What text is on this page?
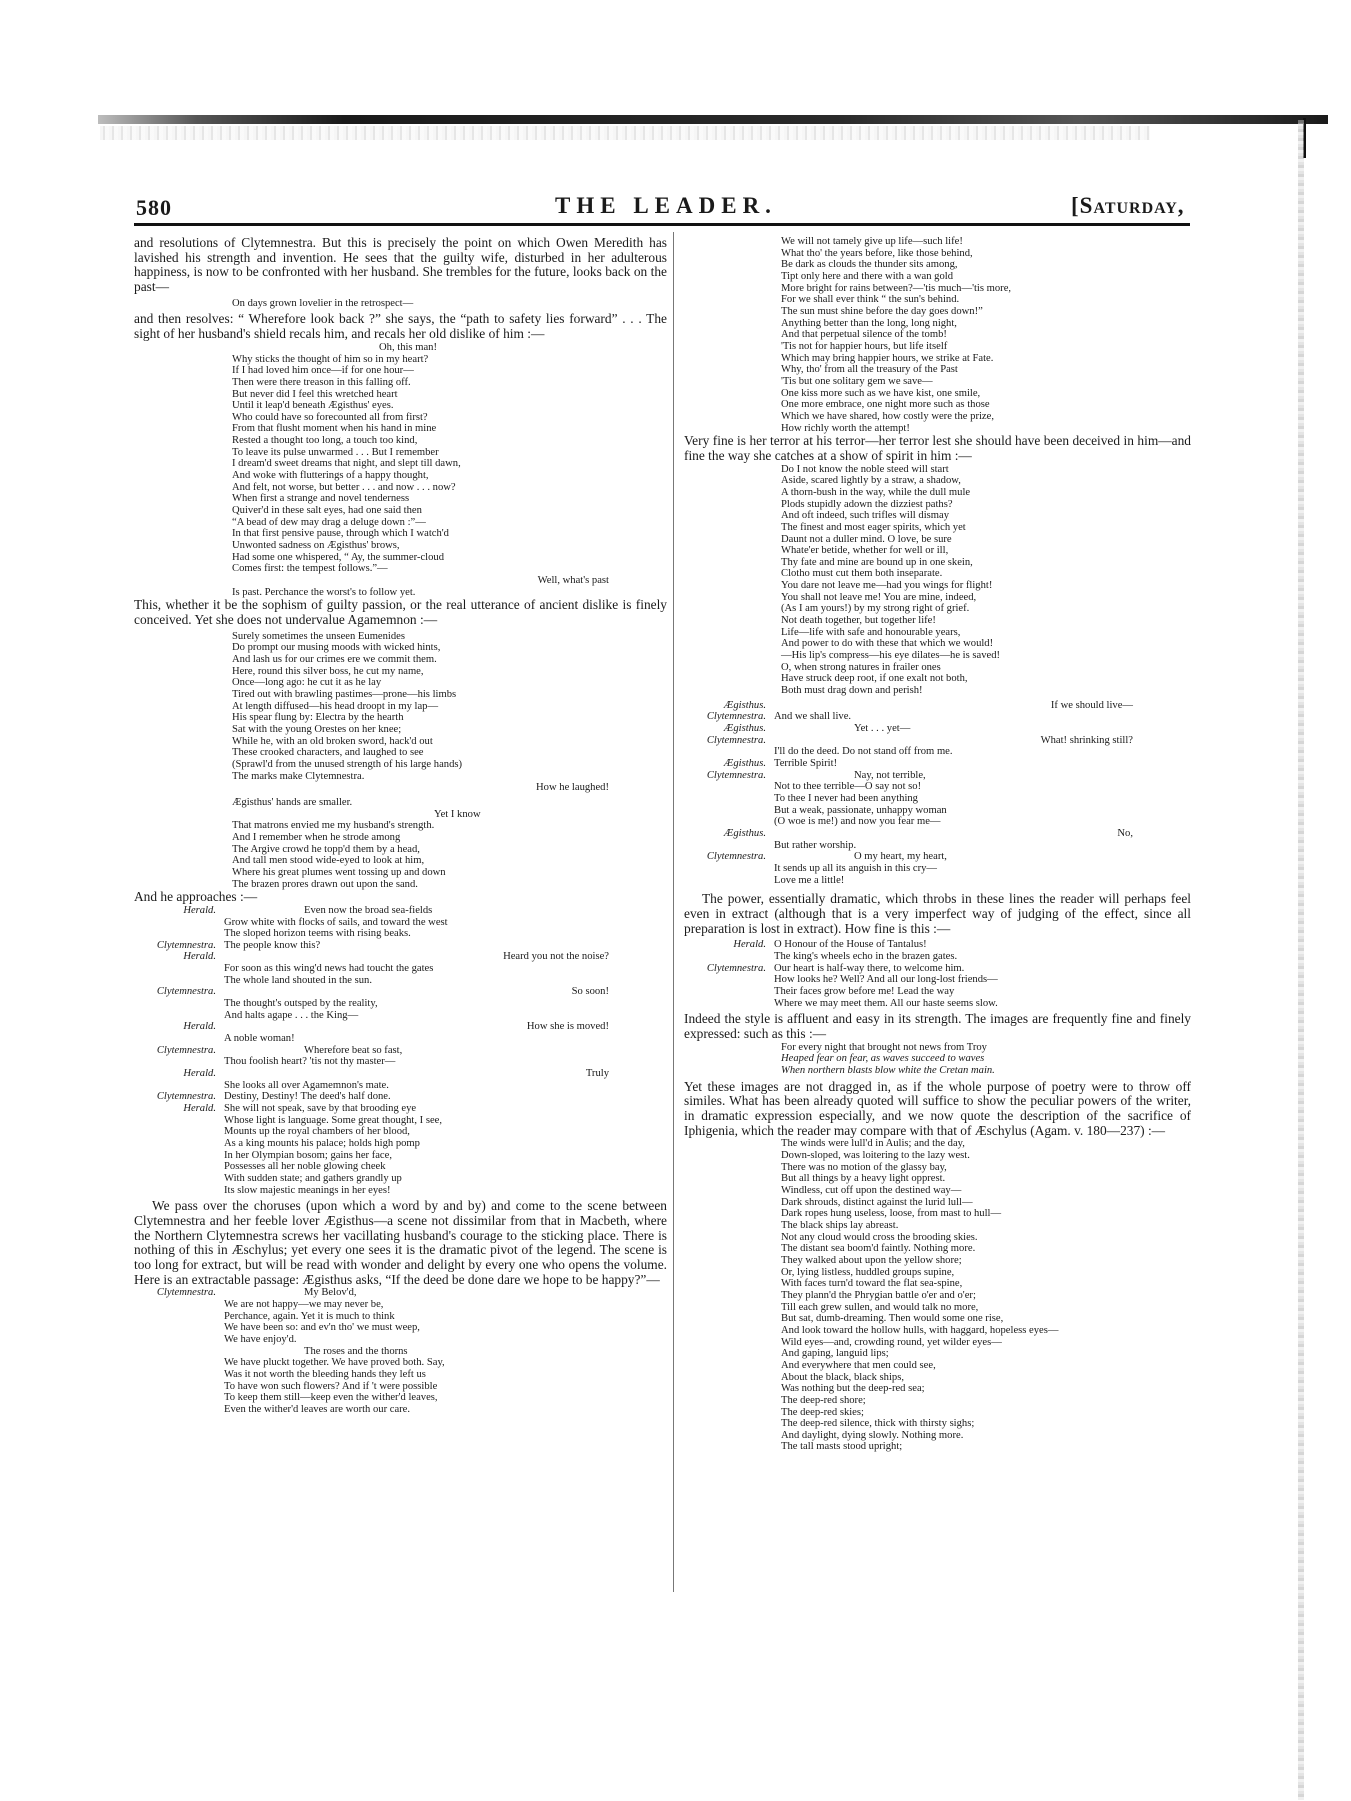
580	THE LEADER.	[Saturday,

and resolutions of Clytemnestra. But this is precisely the point on which Owen Meredith has lavished his strength and invention. He sees that the guilty wife, disturbed in her adulterous happiness, is now to be confronted with her husband. She trembles for the future, looks back on the past—

On days grown lovelier in the retrospect—

and then resolves: “ Wherefore look back ?” she says, the “path to safety lies forward” . . . The sight of her husband's shield recals him, and recals her old dislike of him :—

Oh, this man!
Why sticks the thought of him so in my heart?
If I had loved him once—if for one hour—
Then were there treason in this falling off.
But never did I feel this wretched heart
Until it leap'd beneath Ægisthus' eyes.
Who could have so forecounted all from first?
From that flusht moment when his hand in mine
Rested a thought too long, a touch too kind,
To leave its pulse unwarmed . . . But I remember
I dream'd sweet dreams that night, and slept till dawn,
And woke with flutterings of a happy thought,
And felt, not worse, but better . . . and now . . . now?
When first a strange and novel tenderness
Quiver'd in these salt eyes, had one said then
“A bead of dew may drag a deluge down :”—
In that first pensive pause, through which I watch'd
Unwonted sadness on Ægisthus' brows,
Had some one whispered, “ Ay, the summer-cloud
Comes first: the tempest follows.”—
Well, what's past
Is past. Perchance the worst's to follow yet.

This, whether it be the sophism of guilty passion, or the real utterance of ancient dislike is finely conceived. Yet she does not undervalue Agamemnon :—

Surely sometimes the unseen Eumenides
Do prompt our musing moods with wicked hints,
And lash us for our crimes ere we commit them.
Here, round this silver boss, he cut my name,
Once—long ago: he cut it as he lay
Tired out with brawling pastimes—prone—his limbs
At length diffused—his head droopt in my lap—
His spear flung by: Electra by the hearth
Sat with the young Orestes on her knee;
While he, with an old broken sword, hack'd out
These crooked characters, and laughed to see
(Sprawl'd from the unused strength of his large hands)
The marks make Clytemnestra.
How he laughed!
Ægisthus' hands are smaller.
Yet I know
That matrons envied me my husband's strength.
And I remember when he strode among
The Argive crowd he topp'd them by a head,
And tall men stood wide-eyed to look at him,
Where his great plumes went tossing up and down
The brazen prores drawn out upon the sand.

And he approaches :—

Herald.	Even now the broad sea-fields
Grow white with flocks of sails, and toward the west
The sloped horizon teems with rising beaks.
Clytemnestra. The people know this?
Herald.	Heard you not the noise?
For soon as this wing'd news had toucht the gates
The whole land shouted in the sun.
Clytemnestra.	So soon!
The thought's outsped by the reality,
And halts agape . . . the King—
Herald.	How she is moved!
A noble woman!
Clytemnestra.	Wherefore beat so fast,
Thou foolish heart? 'tis not thy master—
Herald.	Truly
She looks all over Agamemnon's mate.
Clytemnestra. Destiny, Destiny! The deed's half done.
Herald. She will not speak, save by that brooding eye
Whose light is language. Some great thought, I see,
Mounts up the royal chambers of her blood,
As a king mounts his palace; holds high pomp
In her Olympian bosom; gains her face,
Possesses all her noble glowing cheek
With sudden state; and gathers grandly up
Its slow majestic meanings in her eyes!

We pass over the choruses (upon which a word by and by) and come to the scene between Clytemnestra and her feeble lover Ægisthus—a scene not dissimilar from that in Macbeth, where the Northern Clytemnestra screws her vacillating husband's courage to the sticking place. There is nothing of this in Æschylus; yet every one sees it is the dramatic pivot of the legend. The scene is too long for extract, but will be read with wonder and delight by every one who opens the volume. Here is an extractable passage: Ægisthus asks, “If the deed be done dare we hope to be happy?”—

Clytemnestra.	My Belov'd,
We are not happy—we may never be,
Perchance, again. Yet it is much to think
We have been so: and ev'n tho' we must weep,
We have enjoy'd.
The roses and the thorns
We have pluckt together. We have proved both. Say,
Was it not worth the bleeding hands they left us
To have won such flowers? And if 't were possible
To keep them still—keep even the wither'd leaves,
Even the wither'd leaves are worth our care.
We will not tamely give up life—such life!
What tho' the years before, like those behind,
Be dark as clouds the thunder sits among,
Tipt only here and there with a wan gold
More bright for rains between?—'tis much—'tis more,
For we shall ever think “ the sun's behind.
The sun must shine before the day goes down!”
Anything better than the long, long night,
And that perpetual silence of the tomb!
'Tis not for happier hours, but life itself
Which may bring happier hours, we strike at Fate.
Why, tho' from all the treasury of the Past
'Tis but one solitary gem we save—
One kiss more such as we have kist, one smile,
One more embrace, one night more such as those
Which we have shared, how costly were the prize,
How richly worth the attempt!

Very fine is her terror at his terror—her terror lest she should have been deceived in him—and fine the way she catches at a show of spirit in him :—

Do I not know the noble steed will start
Aside, scared lightly by a straw, a shadow,
A thorn-bush in the way, while the dull mule
Plods stupidly adown the dizziest paths?
And oft indeed, such trifles will dismay
The finest and most eager spirits, which yet
Daunt not a duller mind. O love, be sure
Whate'er betide, whether for well or ill,
Thy fate and mine are bound up in one skein,
Clotho must cut them both inseparate.
You dare not leave me—had you wings for flight!
You shall not leave me! You are mine, indeed,
(As I am yours!) by my strong right of grief.
Not death together, but together life!
Life—life with safe and honourable years,
And power to do with these that which we would!
—His lip's compress—his eye dilates—he is saved!
O, when strong natures in frailer ones
Have struck deep root, if one exalt not both,
Both must drag down and perish!
Ægisthus.	If we should live—
Clytemnestra. And we shall live.
Ægisthus.	Yet . . . yet—
Clytemnestra.	What! shrinking still?
I'll do the deed. Do not stand off from me.
Ægisthus. Terrible Spirit!
Clytemnestra.	Nay, not terrible,
Not to thee terrible—O say not so!
To thee I never had been anything
But a weak, passionate, unhappy woman
(O woe is me!) and now you fear me—
Ægisthus.	No,
But rather worship.
Clytemnestra.	O my heart, my heart,
It sends up all its anguish in this cry—
Love me a little!

The power, essentially dramatic, which throbs in these lines the reader will perhaps feel even in extract (although that is a very imperfect way of judging of the effect, since all preparation is lost in extract). How fine is this :—

Herald. O Honour of the House of Tantalus!
The king's wheels echo in the brazen gates.
Clytemnestra. Our heart is half-way there, to welcome him.
How looks he? Well? And all our long-lost friends—
Their faces grow before me! Lead the way
Where we may meet them. All our haste seems slow.

Indeed the style is affluent and easy in its strength. The images are frequently fine and finely expressed: such as this :—

For every night that brought not news from Troy
Heaped fear on fear, as waves succeed to waves
When northern blasts blow white the Cretan main.

Yet these images are not dragged in, as if the whole purpose of poetry were to throw off similes. What has been already quoted will suffice to show the peculiar powers of the writer, in dramatic expression especially, and we now quote the description of the sacrifice of Iphigenia, which the reader may compare with that of Æschylus (Agam. v. 180—237) :—

The winds were lull'd in Aulis; and the day,
Down-sloped, was loitering to the lazy west.
There was no motion of the glassy bay,
But all things by a heavy light opprest.
Windless, cut off upon the destined way—
Dark shrouds, distinct against the lurid lull—
Dark ropes hung useless, loose, from mast to hull—
The black ships lay abreast.
Not any cloud would cross the brooding skies.
The distant sea boom'd faintly. Nothing more.
They walked about upon the yellow shore;
Or, lying listless, huddled groups supine,
With faces turn'd toward the flat sea-spine,
They plann'd the Phrygian battle o'er and o'er;
Till each grew sullen, and would talk no more,
But sat, dumb-dreaming. Then would some one rise,
And look toward the hollow hulls, with haggard, hopeless eyes—
Wild eyes—and, crowding round, yet wilder eyes—
And gaping, languid lips;
And everywhere that men could see,
About the black, black ships,
Was nothing but the deep-red sea;
The deep-red shore;
The deep-red skies;
The deep-red silence, thick with thirsty sighs;
And daylight, dying slowly. Nothing more.
The tall masts stood upright;
